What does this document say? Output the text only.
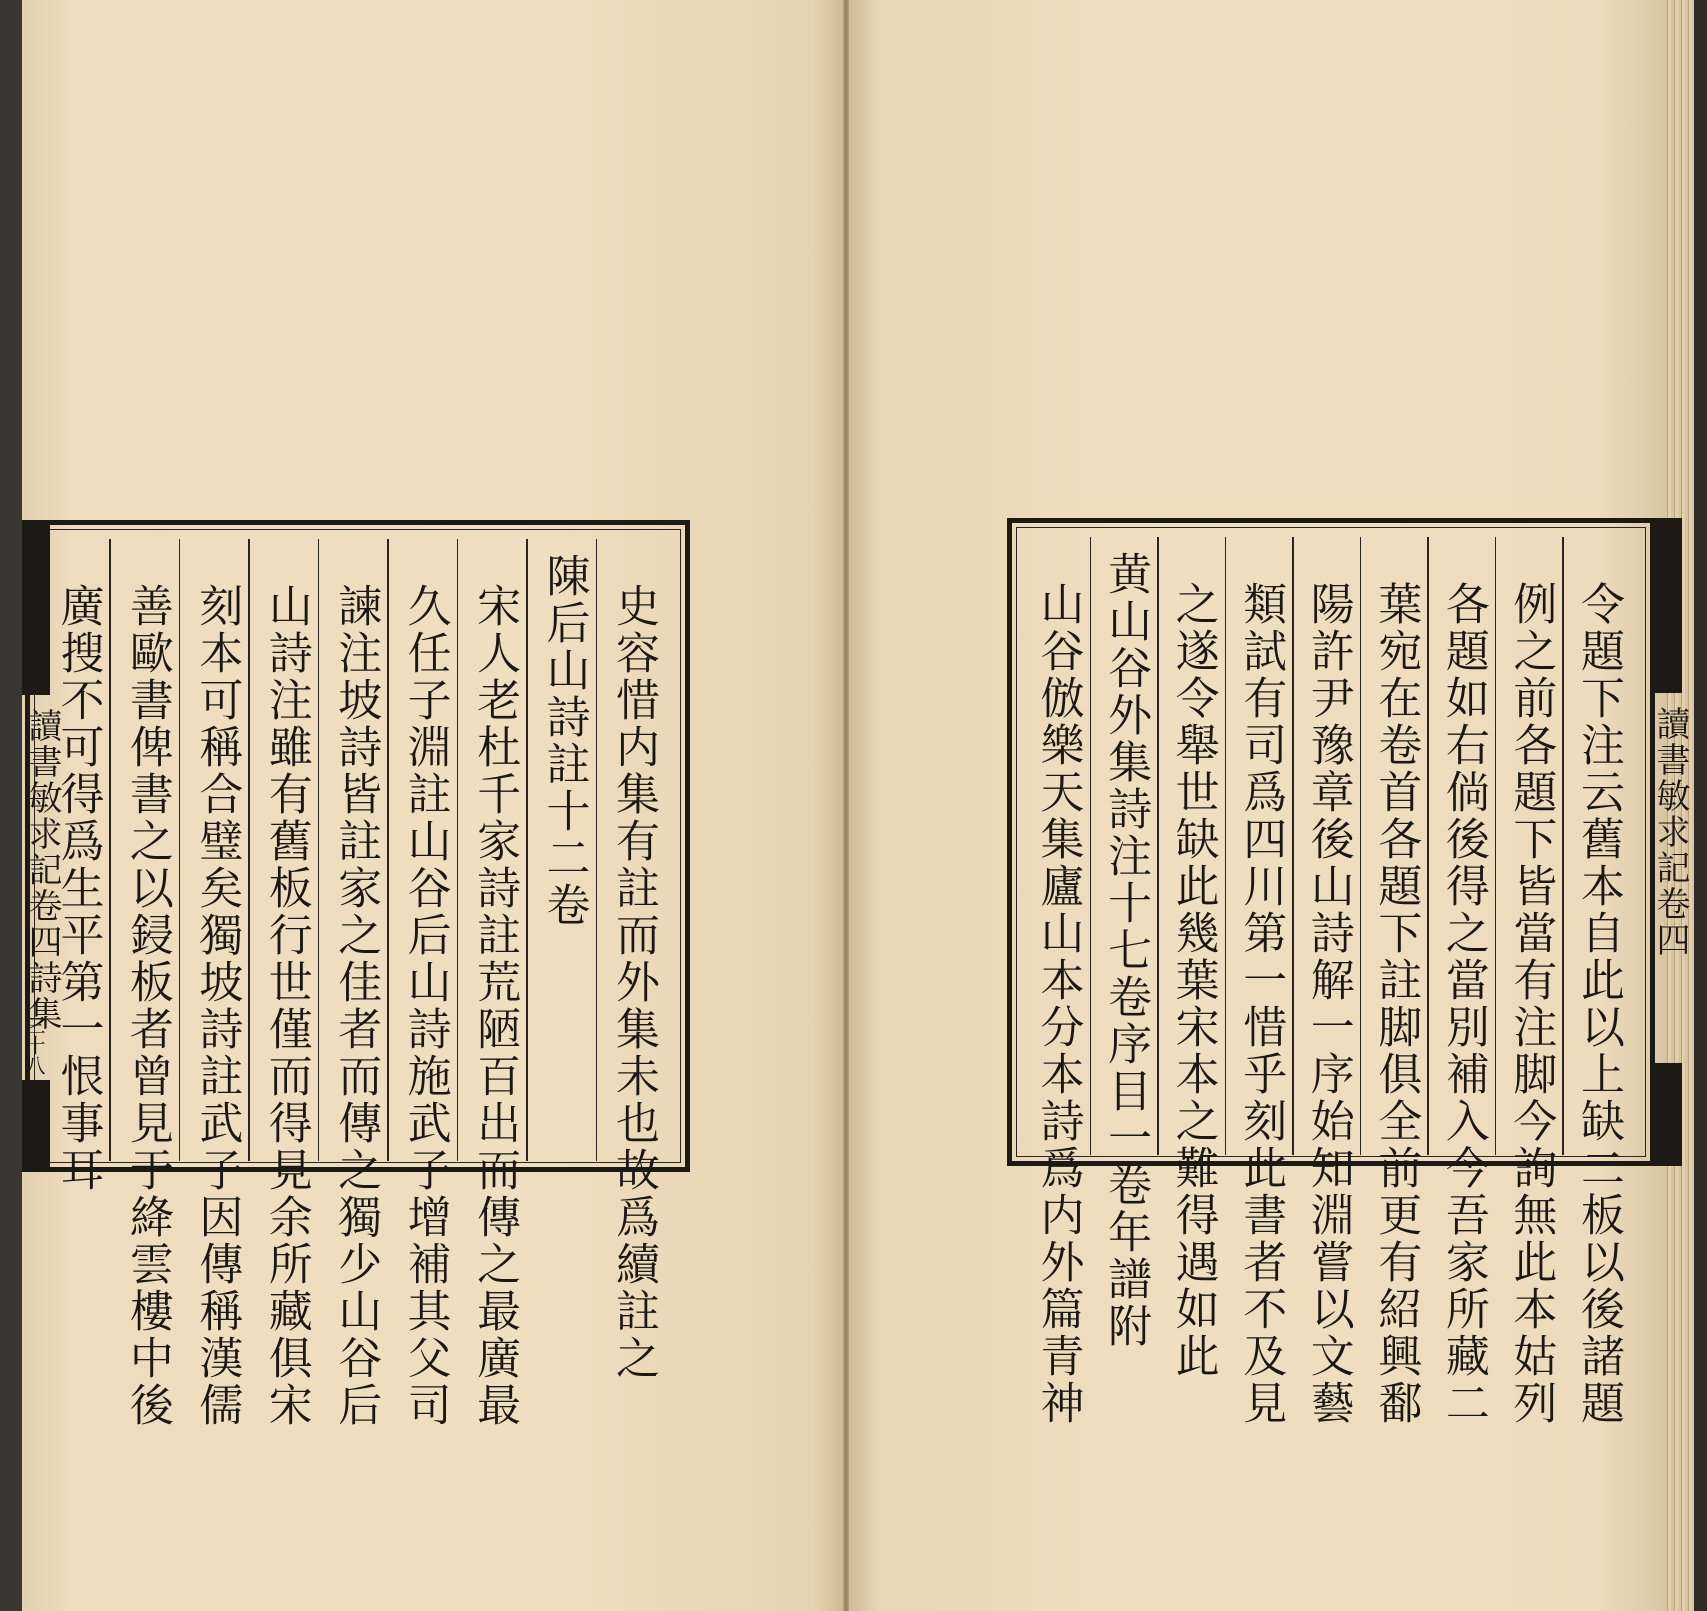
史容惜内集有註而外集未也故爲續註之
陳后山詩註十二卷
宋人老杜千家詩註荒陋百出而傳之最廣最
久任子淵註山谷后山詩施武子增補其父司
諫注坡詩皆註家之佳者而傳之獨少山谷后
山詩注雖有舊板行世僅而得見余所藏俱宋
刻本可稱合璧矣獨坡詩註武子因傳稱漢儒
善歐書俾書之以鋟板者曾見于絳雲樓中後
廣搜不可得爲生平第一恨事耳
讀書敏求記卷四詩集
三十八	令題下注云舊本自此以上缺二板以後諸題
例之前各題下皆當有注脚今詢無此本姑列
各題如右倘後得之當別補入今吾家所藏二
葉宛在卷首各題下註脚俱全前更有紹興鄱
陽許尹豫章後山詩解一序始知淵嘗以文藝
類試有司爲四川第一惜乎刻此書者不及見
之遂令舉世缺此幾葉宋本之難得遇如此
黄山谷外集詩注十七卷序目一卷年譜附
山谷倣樂天集廬山本分本詩爲内外篇青神	讀書敏求記卷四
